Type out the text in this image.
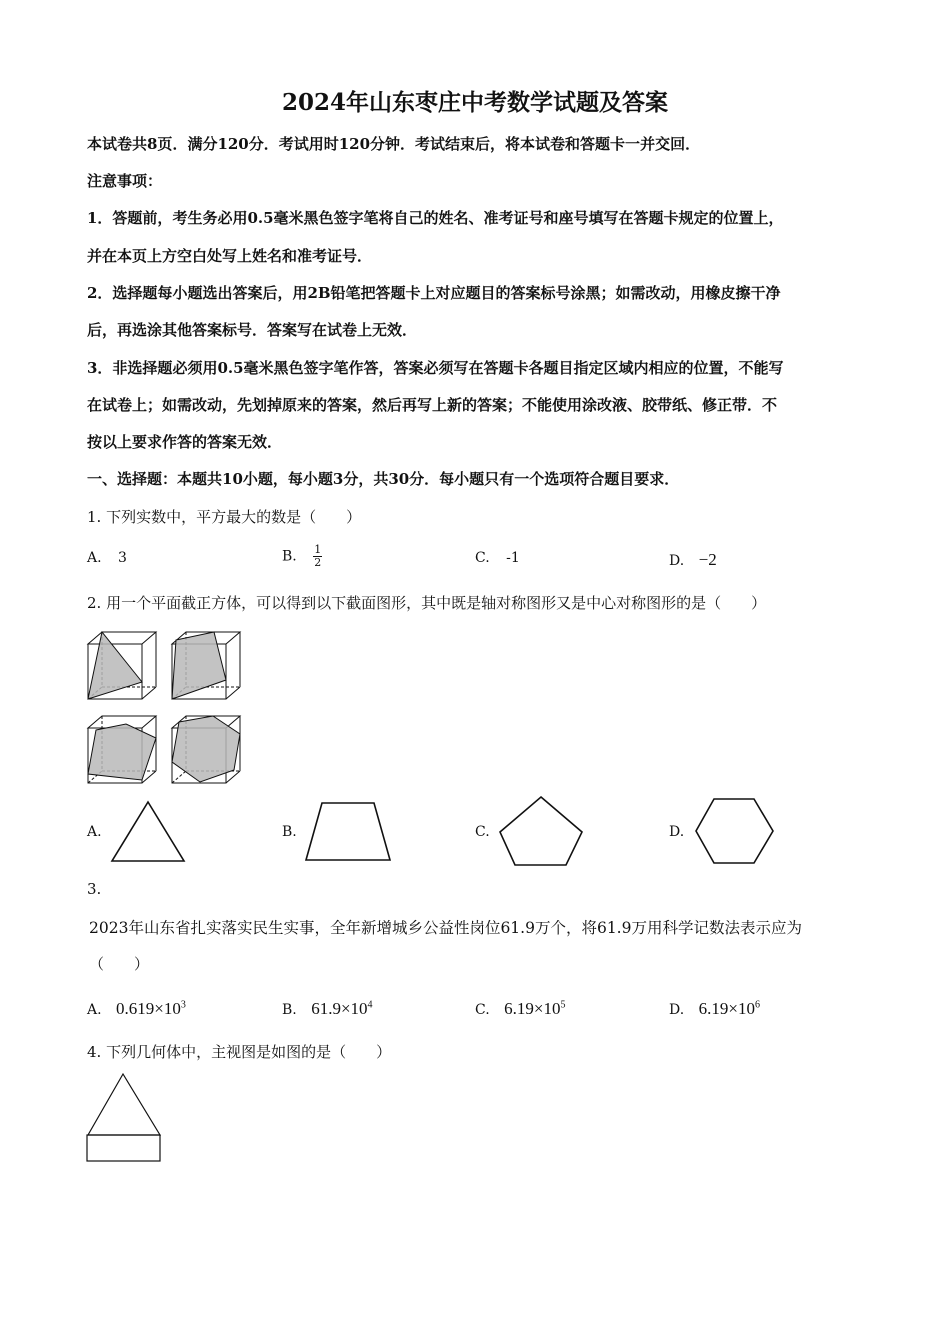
2024年山东枣庄中考数学试题及答案
本试卷共8页．满分120分．考试用时120分钟．考试结束后，将本试卷和答题卡一并交回．
注意事项：
1．答题前，考生务必用0.5毫米黑色签字笔将自己的姓名、准考证号和座号填写在答题卡规定的位置上，
并在本页上方空白处写上姓名和准考证号．
2．选择题每小题选出答案后，用2B铅笔把答题卡上对应题目的答案标号涂黑；如需改动，用橡皮擦干净
后，再选涂其他答案标号．答案写在试卷上无效．
3．非选择题必须用0.5毫米黑色签字笔作答，答案必须写在答题卡各题目指定区域内相应的位置，不能写
在试卷上；如需改动，先划掉原来的答案，然后再写上新的答案；不能使用涂改液、胶带纸、修正带．不
按以上要求作答的答案无效．
一、选择题：本题共10小题，每小题3分，共30分．每小题只有一个选项符合题目要求．
1. 下列实数中，平方最大的数是（　　）
A. 3	B. $\frac{1}{2}$	C. -1	D. −2
2. 用一个平面截正方体，可以得到以下截面图形，其中既是轴对称图形又是中心对称图形的是（　　）
A.	B.	C.	D.
3.
2023年山东省扎实落实民生实事，全年新增城乡公益性岗位61.9万个，将61.9万用科学记数法表示应为
（　　）
A. $0.619\times 10^3$	B. $61.9\times 10^4$	C. $6.19\times 10^5$	D. $6.19\times 10^6$
4. 下列几何体中，主视图是如图的是（　　）
